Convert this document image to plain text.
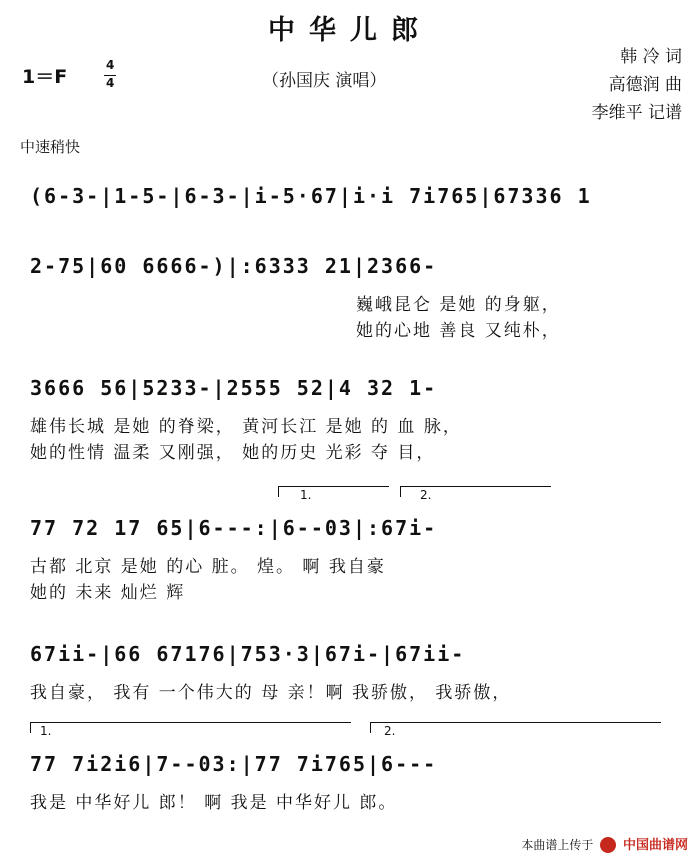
中华儿郎
1＝F
4
4	（孙国庆 演唱）
韩 冷 词
高德润 曲
李维平 记谱
中速稍快
(6-3-|1-5-|6-3-|i-5·67|i·i 7i765|67336 1
2-75|60 6666-)|:6333 21|2366-
巍峨昆仑 是她 的身躯，
她的心地 善良 又纯朴，
3666 56|5233-|2555 52|4 32 1-
雄伟长城 是她 的脊梁， 黄河长江 是她 的 血 脉，
她的性情 温柔 又刚强， 她的历史 光彩 夺 目，
1.	2.
77 72 17 65|6---:|6--03|:67i-
古都 北京 是她 的心 脏。 煌。 啊 我自豪
她的 未来 灿烂 辉
67ii-|66 67176|753·3|67i-|67ii-
我自豪， 我有 一个伟大的 母 亲！啊 我骄傲， 我骄傲，
1.	2.
77 7i2i6|7--03:|77 7i765|6---
我是 中华好儿 郎！ 啊 我是 中华好儿 郎。
本曲谱上传于 中国曲谱网
